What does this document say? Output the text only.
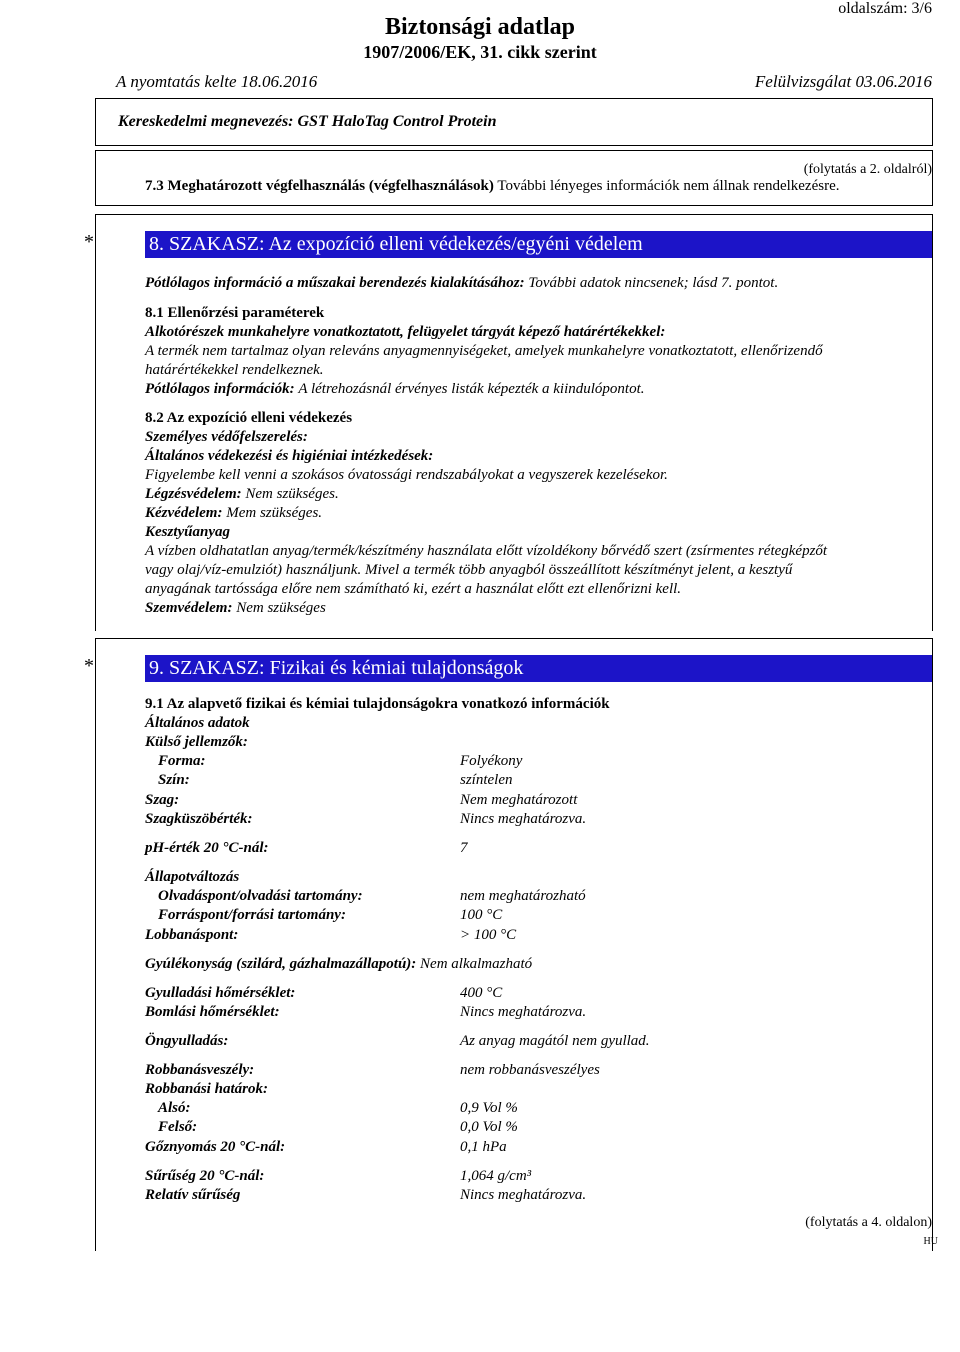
oldalszám: 3/6
Biztonsági adatlap
1907/2006/EK, 31. cikk szerint
A nyomtatás kelte 18.06.2016	Felülvizsgálat 03.06.2016
Kereskedelmi megnevezés: GST HaloTag Control Protein
(folytatás a 2. oldalról)
7.3 Meghatározott végfelhasználás (végfelhasználások) További lényeges információk nem állnak rendelkezésre.
*	8. SZAKASZ: Az expozíció elleni védekezés/egyéni védelem
Pótlólagos információ a műszakai berendezés kialakításához: További adatok nincsenek; lásd 7. pontot.
8.1 Ellenőrzési paraméterek
Alkotórészek munkahelyre vonatkoztatott, felügyelet tárgyát képező határértékekkel:
A termék nem tartalmaz olyan releváns anyagmennyiségeket, amelyek munkahelyre vonatkoztatott, ellenőrizendő
határértékekkel rendelkeznek.
Pótlólagos információk: A létrehozásnál érvényes listák képezték a kiindulópontot.
8.2 Az expozíció elleni védekezés
Személyes védőfelszerelés:
Általános védekezési és higiéniai intézkedések:
Figyelembe kell venni a szokásos óvatossági rendszabályokat a vegyszerek kezelésekor.
Légzésvédelem: Nem szükséges.
Kézvédelem: Mem szükséges.
Kesztyűanyag
A vízben oldhatatlan anyag/termék/készítmény használata előtt vízoldékony bőrvédő szert (zsírmentes rétegképzőt
vagy olaj/víz-emulziót) használjunk. Mivel a termék több anyagból összeállított készítményt jelent, a kesztyű
anyagának tartóssága előre nem számítható ki, ezért a használat előtt ezt ellenőrizni kell.
Szemvédelem: Nem szükséges
*	9. SZAKASZ: Fizikai és kémiai tulajdonságok
9.1 Az alapvető fizikai és kémiai tulajdonságokra vonatkozó információk
Általános adatok
Külső jellemzők:
Forma:	Folyékony
Szín:	színtelen
Szag:	Nem meghatározott
Szagküszöbérték:	Nincs meghatározva.
pH-érték 20 °C-nál:	7
Állapotváltozás
Olvadáspont/olvadási tartomány:	nem meghatározható
Forráspont/forrási tartomány:	100 °C
Lobbanáspont:	> 100 °C
Gyúlékonyság (szilárd, gázhalmazállapotú): Nem alkalmazható
Gyulladási hőmérséklet:	400 °C
Bomlási hőmérséklet:	Nincs meghatározva.
Öngyulladás:	Az anyag magától nem gyullad.
Robbanásveszély:	nem robbanásveszélyes
Robbanási határok:
Alsó:	0,9 Vol %
Felső:	0,0 Vol %
Gőznyomás 20 °C-nál:	0,1 hPa
Sűrűség 20 °C-nál:	1,064 g/cm³
Relatív sűrűség	Nincs meghatározva.
(folytatás a 4. oldalon)
HU
